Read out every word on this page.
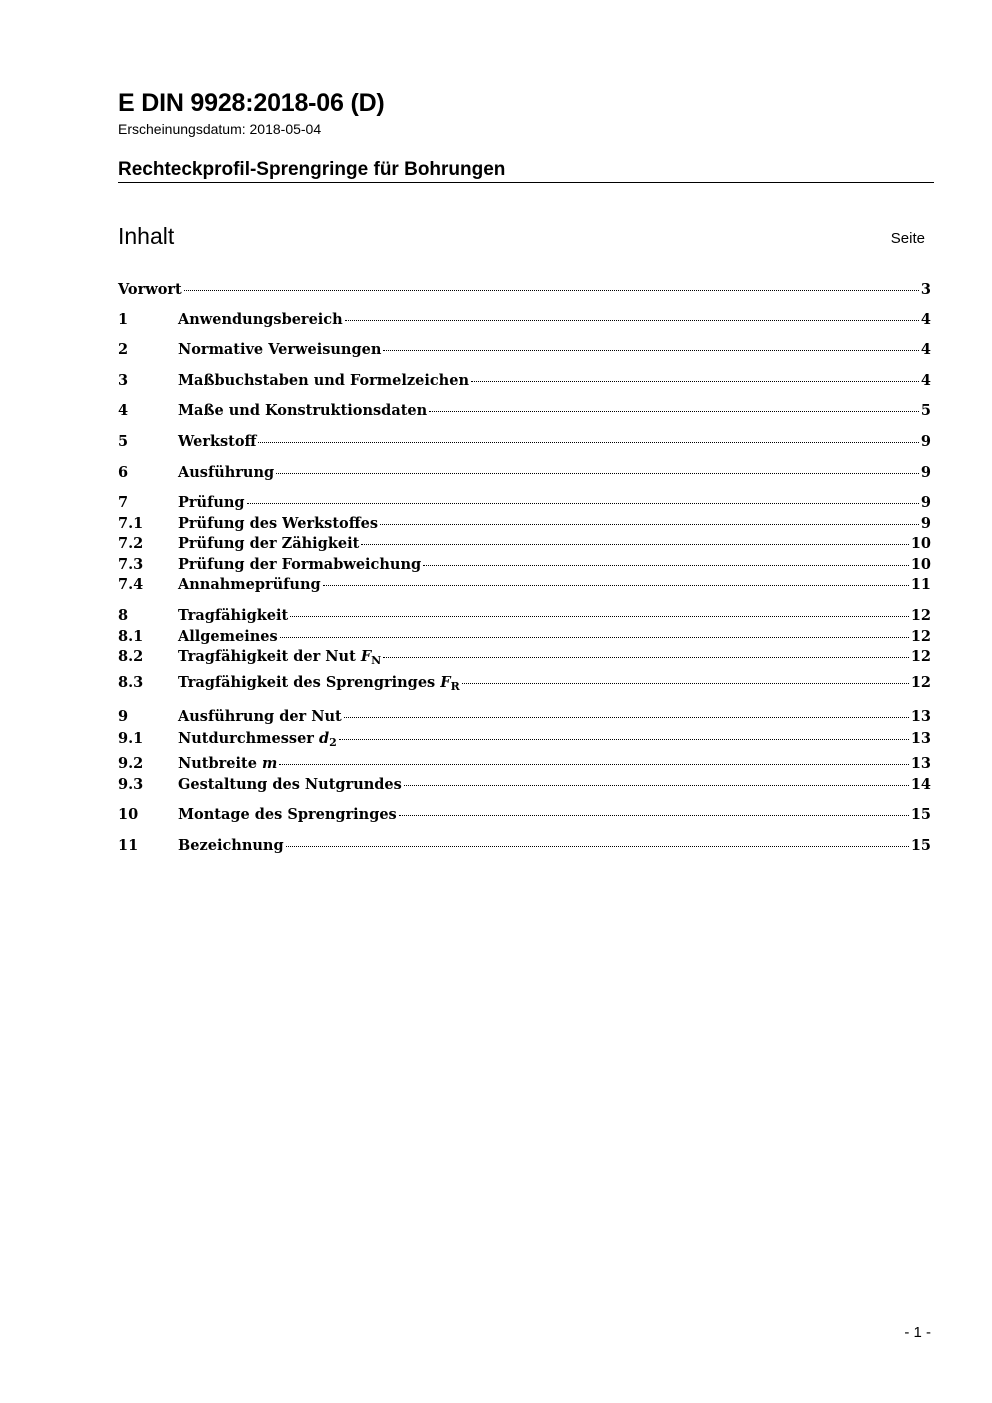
E DIN 9928:2018-06 (D)
Erscheinungsdatum: 2018-05-04
Rechteckprofil-Sprengringe für Bohrungen
Inhalt	Seite
Vorwort	3
1	Anwendungsbereich	4
2	Normative Verweisungen	4
3	Maßbuchstaben und Formelzeichen	4
4	Maße und Konstruktionsdaten	5
5	Werkstoff	9
6	Ausführung	9
7	Prüfung	9
7.1	Prüfung des Werkstoffes	9
7.2	Prüfung der Zähigkeit	10
7.3	Prüfung der Formabweichung	10
7.4	Annahmeprüfung	11
8	Tragfähigkeit	12
8.1	Allgemeines	12
8.2	Tragfähigkeit der Nut $F_N$	12
8.3	Tragfähigkeit des Sprengringes $F_R$	12
9	Ausführung der Nut	13
9.1	Nutdurchmesser $d_2$	13
9.2	Nutbreite m	13
9.3	Gestaltung des Nutgrundes	14
10	Montage des Sprengringes	15
11	Bezeichnung	15
- 1 -
